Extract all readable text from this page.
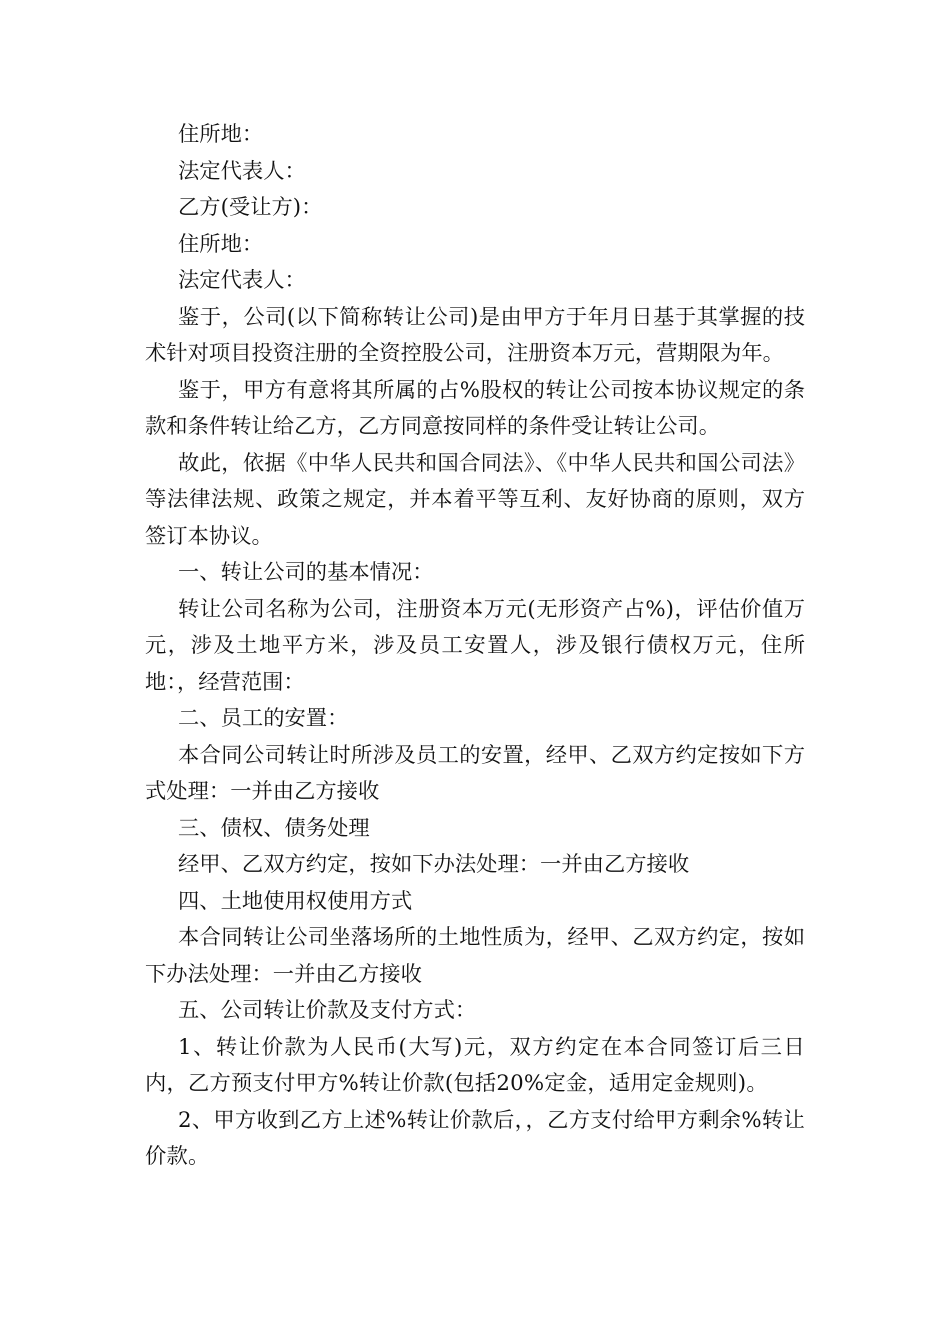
住所地：

法定代表人：

乙方(受让方)：

住所地：

法定代表人：

鉴于，公司(以下简称转让公司)是由甲方于年月日基于其掌握的技术针对项目投资注册的全资控股公司，注册资本万元，营期限为年。

鉴于，甲方有意将其所属的占%股权的转让公司按本协议规定的条款和条件转让给乙方，乙方同意按同样的条件受让转让公司。

故此，依据《中华人民共和国合同法》、《中华人民共和国公司法》等法律法规、政策之规定，并本着平等互利、友好协商的原则，双方签订本协议。

一、转让公司的基本情况：

转让公司名称为公司，注册资本万元(无形资产占%)，评估价值万元，涉及土地平方米，涉及员工安置人，涉及银行债权万元，住所地：，经营范围：

二、员工的安置：

本合同公司转让时所涉及员工的安置，经甲、乙双方约定按如下方式处理：一并由乙方接收

三、债权、债务处理

经甲、乙双方约定，按如下办法处理：一并由乙方接收

四、土地使用权使用方式

本合同转让公司坐落场所的土地性质为，经甲、乙双方约定，按如下办法处理：一并由乙方接收

五、公司转让价款及支付方式：

1、转让价款为人民币(大写)元，双方约定在本合同签订后三日内，乙方预支付甲方%转让价款(包括20%定金，适用定金规则)。

2、甲方收到乙方上述%转让价款后，，乙方支付给甲方剩余%转让价款。
